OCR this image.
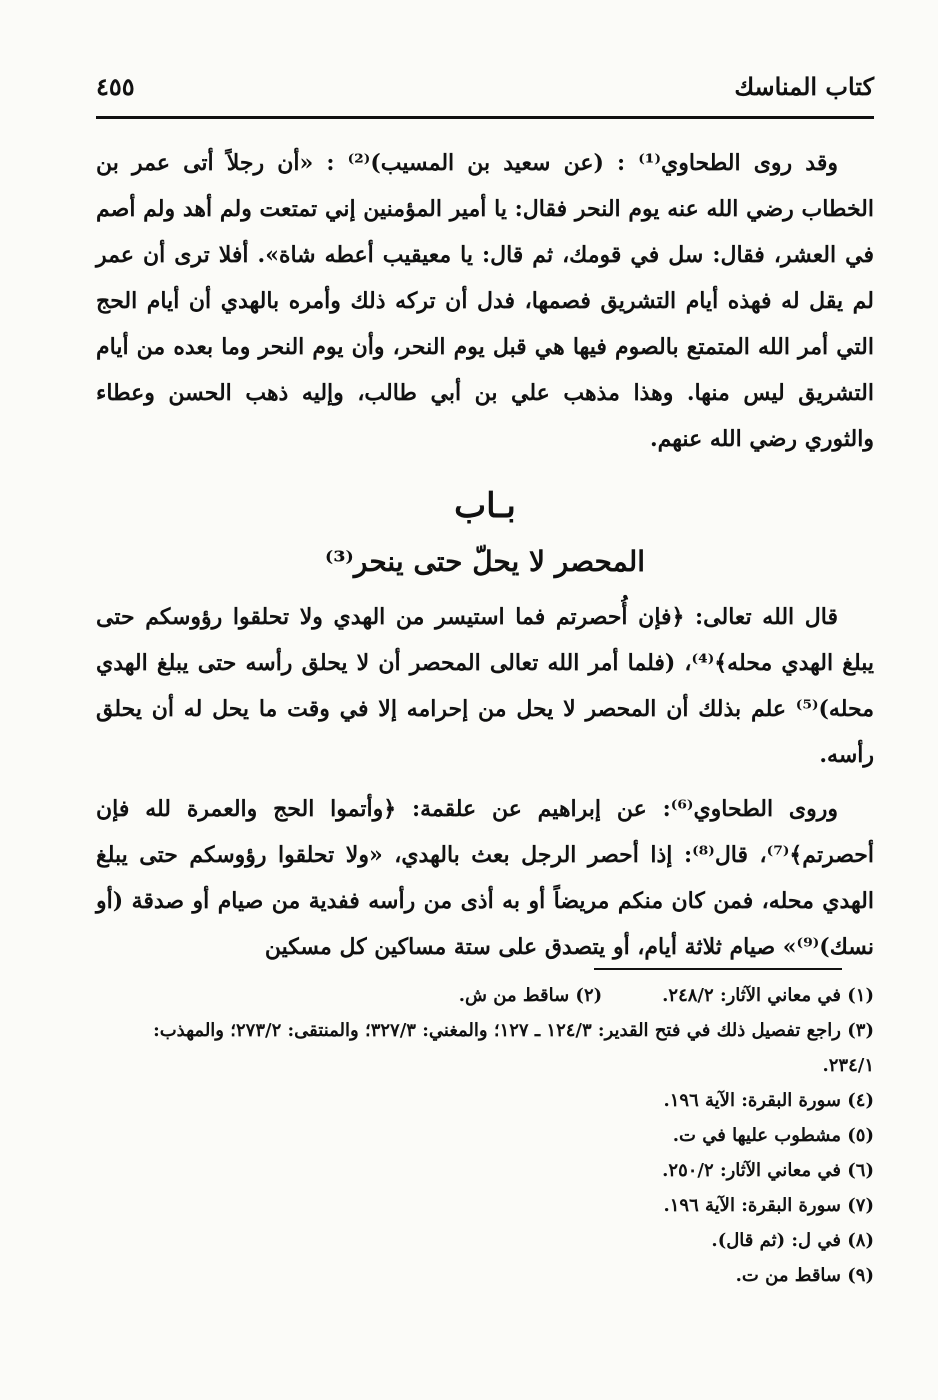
كتاب المناسك
٤٥٥

وقد روى الطحاوي⁽¹⁾ : (عن سعيد بن المسيب)⁽²⁾ : «أن رجلاً أتى عمر بن الخطاب رضي الله عنه يوم النحر فقال: يا أمير المؤمنين إني تمتعت ولم أهد ولم أصم في العشر، فقال: سل في قومك، ثم قال: يا معيقيب أعطه شاة». أفلا ترى أن عمر لم يقل له فهذه أيام التشريق فصمها، فدل أن تركه ذلك وأمره بالهدي أن أيام الحج التي أمر الله المتمتع بالصوم فيها هي قبل يوم النحر، وأن يوم النحر وما بعده من أيام التشريق ليس منها. وهذا مذهب علي بن أبي طالب، وإليه ذهب الحسن وعطاء والثوري رضي الله عنهم.

بـاب
المحصر لا يحلّ حتى ينحر⁽³⁾

قال الله تعالى: ﴿فإن أُحصرتم فما استيسر من الهدي ولا تحلقوا رؤوسكم حتى يبلغ الهدي محله﴾⁽⁴⁾، (فلما أمر الله تعالى المحصر أن لا يحلق رأسه حتى يبلغ الهدي محله)⁽⁵⁾ علم بذلك أن المحصر لا يحل من إحرامه إلا في وقت ما يحل له أن يحلق رأسه.

وروى الطحاوي⁽⁶⁾: عن إبراهيم عن علقمة: ﴿وأتموا الحج والعمرة لله فإن أحصرتم﴾⁽⁷⁾، قال⁽⁸⁾: إذا أحصر الرجل بعث بالهدي، «ولا تحلقوا رؤوسكم حتى يبلغ الهدي محله، فمن كان منكم مريضاً أو به أذى من رأسه ففدية من صيام أو صدقة (أو نسك)⁽⁹⁾» صيام ثلاثة أيام، أو يتصدق على ستة مساكين كل مسكين

(١) في معاني الآثار: ٢٤٨/٢.
(٢) ساقط من ش.
(٣) راجع تفصيل ذلك في فتح القدير: ١٢٤/٣ ـ ١٢٧؛ والمغني: ٣٢٧/٣؛ والمنتقى: ٢٧٣/٢؛ والمهذب: ٢٣٤/١.
(٤) سورة البقرة: الآية ١٩٦.
(٥) مشطوب عليها في ت.
(٦) في معاني الآثار: ٢٥٠/٢.
(٧) سورة البقرة: الآية ١٩٦.
(٨) في ل: (ثم قال).
(٩) ساقط من ت.
